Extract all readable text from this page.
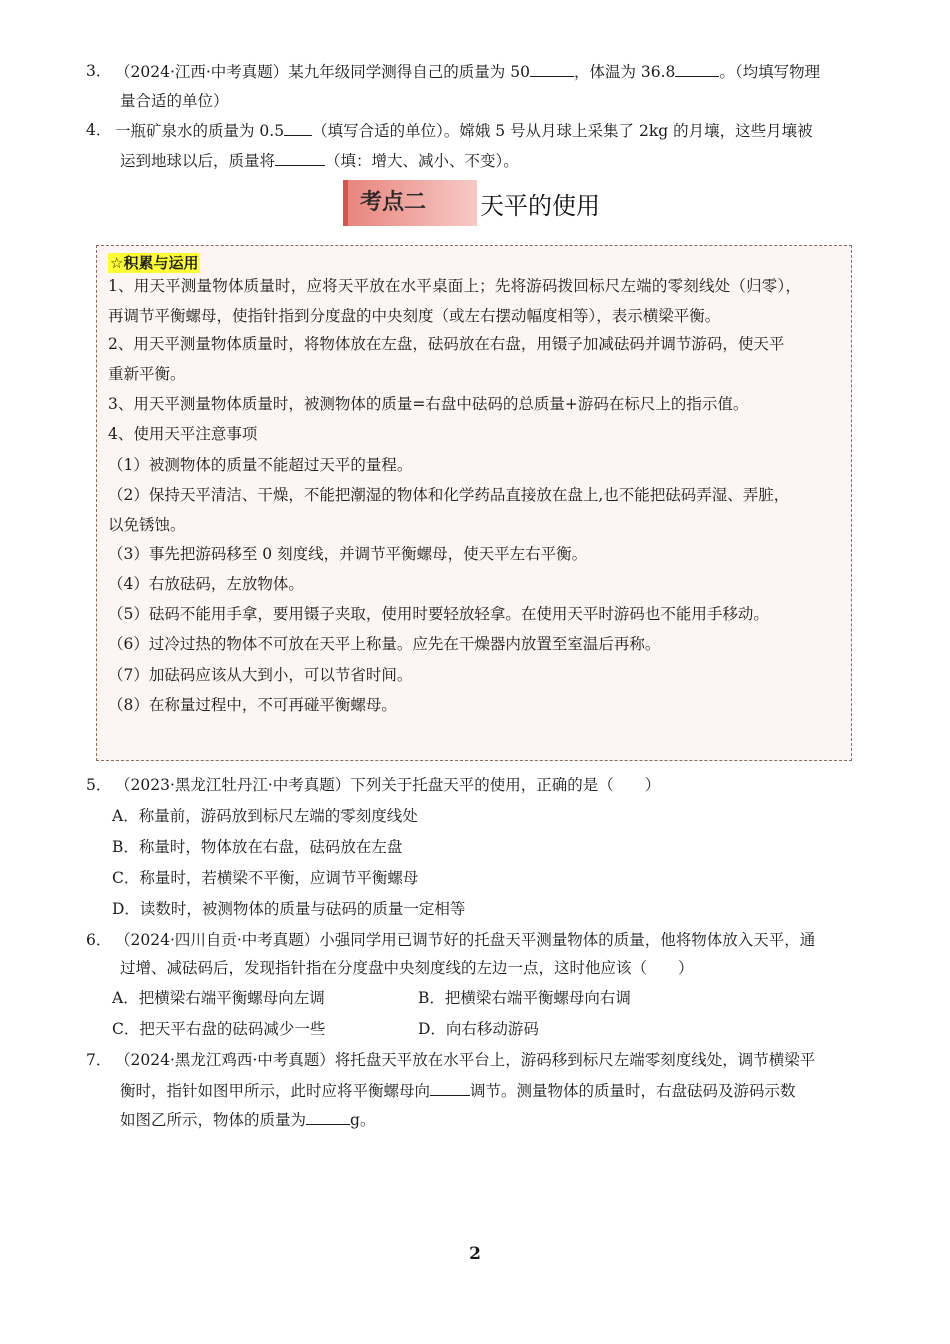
3． （2024·江西·中考真题）某九年级同学测得自己的质量为 50	，体温为 36.8	。（均填写物理
量合适的单位）
4． 一瓶矿泉水的质量为 0.5 （填写合适的单位）。嫦娥 5 号从月球上采集了 2kg 的月壤，这些月壤被
运到地球以后，质量将	（填：增大、减小、不变）。
考点二 天平的使用
☆积累与运用
1、用天平测量物体质量时，应将天平放在水平桌面上；先将游码拨回标尺左端的零刻线处（归零），
再调节平衡螺母，使指针指到分度盘的中央刻度（或左右摆动幅度相等），表示横梁平衡。
2、用天平测量物体质量时，将物体放在左盘，砝码放在右盘，用镊子加减砝码并调节游码，使天平
重新平衡。
3、用天平测量物体质量时，被测物体的质量=右盘中砝码的总质量+游码在标尺上的指示值。
4、使用天平注意事项
（1）被测物体的质量不能超过天平的量程。
（2）保持天平清洁、干燥，不能把潮湿的物体和化学药品直接放在盘上,也不能把砝码弄湿、弄脏，
以免锈蚀。
（3）事先把游码移至 0 刻度线，并调节平衡螺母，使天平左右平衡。
（4）右放砝码，左放物体。
（5）砝码不能用手拿，要用镊子夹取，使用时要轻放轻拿。在使用天平时游码也不能用手移动。
（6）过冷过热的物体不可放在天平上称量。应先在干燥器内放置至室温后再称。
（7）加砝码应该从大到小，可以节省时间。
（8）在称量过程中，不可再碰平衡螺母。
5． （2023·黑龙江牡丹江·中考真题）下列关于托盘天平的使用，正确的是（　　）
A．称量前，游码放到标尺左端的零刻度线处
B．称量时，物体放在右盘，砝码放在左盘
C．称量时，若横梁不平衡，应调节平衡螺母
D．读数时，被测物体的质量与砝码的质量一定相等
6． （2024·四川自贡·中考真题）小强同学用已调节好的托盘天平测量物体的质量，他将物体放入天平，通
过增、减砝码后，发现指针指在分度盘中央刻度线的左边一点，这时他应该（　　）
A．把横梁右端平衡螺母向左调	B．把横梁右端平衡螺母向右调
C．把天平右盘的砝码减少一些	D．向右移动游码
7． （2024·黑龙江鸡西·中考真题）将托盘天平放在水平台上，游码移到标尺左端零刻度线处，调节横梁平
衡时，指针如图甲所示，此时应将平衡螺母向	调节。测量物体的质量时，右盘砝码及游码示数
如图乙所示，物体的质量为	g。
2
